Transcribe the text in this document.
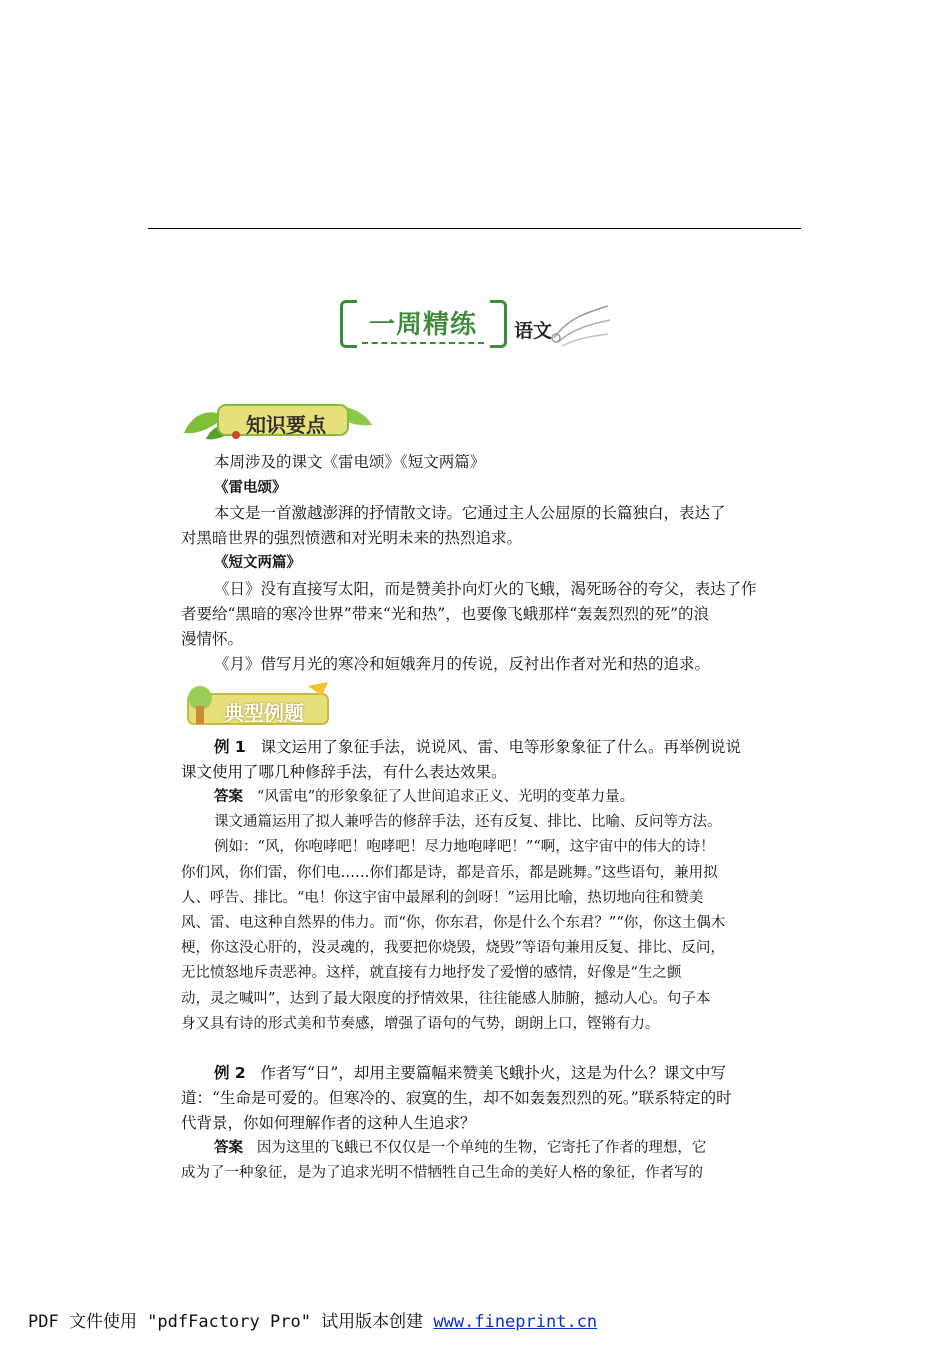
一周精练	语文
知识要点
本周涉及的课文《雷电颂》《短文两篇》
《雷电颂》
本文是一首激越澎湃的抒情散文诗。它通过主人公屈原的长篇独白，表达了
对黑暗世界的强烈愤懑和对光明未来的热烈追求。
《短文两篇》
《日》没有直接写太阳，而是赞美扑向灯火的飞蛾，渴死旸谷的夸父，表达了作
者要给“黑暗的寒冷世界”带来“光和热”，也要像飞蛾那样“轰轰烈烈的死”的浪
漫情怀。
《月》借写月光的寒冷和姮娥奔月的传说，反衬出作者对光和热的追求。
典型例题
例 1 课文运用了象征手法，说说风、雷、电等形象象征了什么。再举例说说
课文使用了哪几种修辞手法，有什么表达效果。
答案 “风雷电”的形象象征了人世间追求正义、光明的变革力量。
课文通篇运用了拟人兼呼告的修辞手法，还有反复、排比、比喻、反问等方法。
例如：“风，你咆哮吧！咆哮吧！尽力地咆哮吧！”“啊，这宇宙中的伟大的诗！
你们风，你们雷，你们电……你们都是诗，都是音乐，都是跳舞。”这些语句，兼用拟
人、呼告、排比。“电！你这宇宙中最犀利的剑呀！”运用比喻，热切地向往和赞美
风、雷、电这种自然界的伟力。而“你，你东君，你是什么个东君？”“你，你这土偶木
梗，你这没心肝的，没灵魂的，我要把你烧毁，烧毁”等语句兼用反复、排比、反问，
无比愤怒地斥责恶神。这样，就直接有力地抒发了爱憎的感情，好像是“生之颤
动，灵之喊叫”，达到了最大限度的抒情效果，往往能感人肺腑，撼动人心。句子本
身又具有诗的形式美和节奏感，增强了语句的气势，朗朗上口，铿锵有力。
例 2 作者写“日”，却用主要篇幅来赞美飞蛾扑火，这是为什么？课文中写
道：“生命是可爱的。但寒冷的、寂寞的生，却不如轰轰烈烈的死。”联系特定的时
代背景，你如何理解作者的这种人生追求？
答案 因为这里的飞蛾已不仅仅是一个单纯的生物，它寄托了作者的理想，它
成为了一种象征，是为了追求光明不惜牺牲自己生命的美好人格的象征，作者写的
PDF 文件使用 "pdfFactory Pro" 试用版本创建 www.fineprint.cn
